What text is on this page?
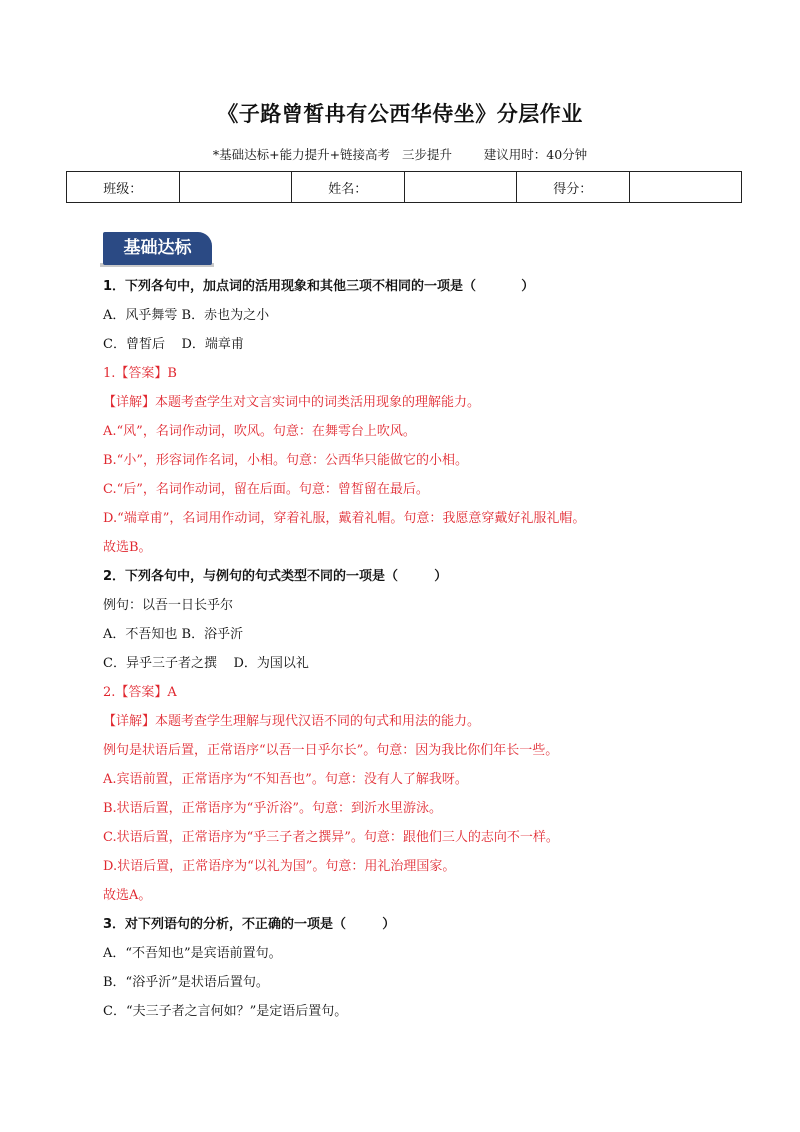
《子路曾皙冉有公西华侍坐》分层作业
*基础达标+能力提升+链接高考   三步提升        建议用时：40分钟
班级：		姓名：		得分：	
基础达标
1．下列各句中，加点词的活用现象和其他三项不相同的一项是（          ）
A．风乎舞雩 B．赤也为之小
C．曾皙后    D．端章甫
1.【答案】B
【详解】本题考查学生对文言实词中的词类活用现象的理解能力。
A.“风”，名词作动词，吹风。句意：在舞雩台上吹风。
B.“小”，形容词作名词，小相。句意：公西华只能做它的小相。
C.“后”，名词作动词，留在后面。句意：曾皙留在最后。
D.“端章甫”，名词用作动词，穿着礼服，戴着礼帽。句意：我愿意穿戴好礼服礼帽。
故选B。
2．下列各句中，与例句的句式类型不同的一项是（        ）
例句：以吾一日长乎尔
A．不吾知也 B．浴乎沂
C．异乎三子者之撰    D．为国以礼
2.【答案】A
【详解】本题考查学生理解与现代汉语不同的句式和用法的能力。
例句是状语后置，正常语序“以吾一日乎尔长”。句意：因为我比你们年长一些。
A.宾语前置，正常语序为“不知吾也”。句意：没有人了解我呀。
B.状语后置，正常语序为“乎沂浴”。句意：到沂水里游泳。
C.状语后置，正常语序为“乎三子者之撰异”。句意：跟他们三人的志向不一样。
D.状语后置，正常语序为“以礼为国”。句意：用礼治理国家。
故选A。
3．对下列语句的分析，不正确的一项是（        ）
A．“不吾知也”是宾语前置句。
B．“浴乎沂”是状语后置句。
C．“夫三子者之言何如？”是定语后置句。
